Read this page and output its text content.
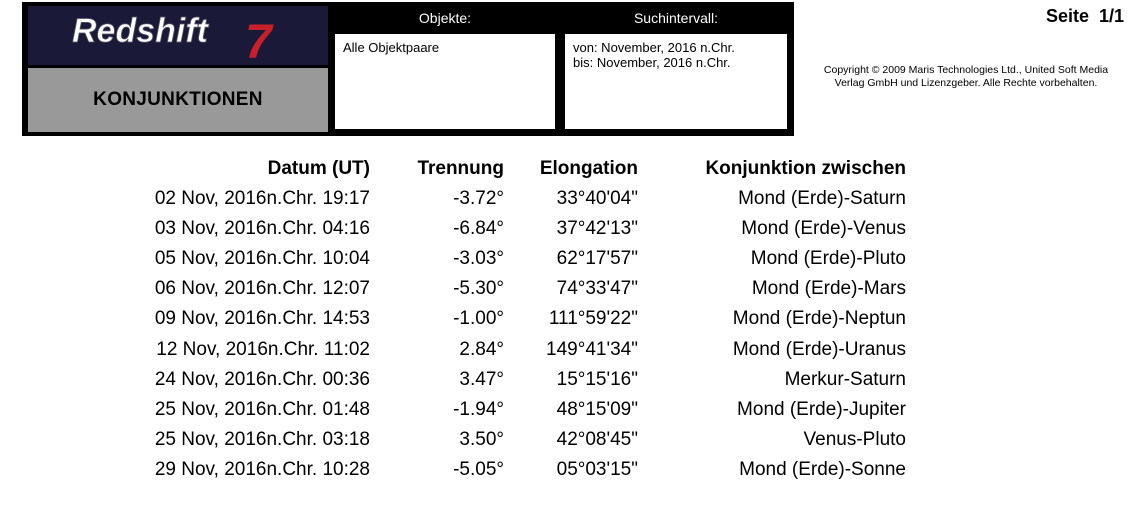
Redshift 7
KONJUNKTIONEN
Objekte:
Alle Objektpaare
Suchintervall:
von: November, 2016 n.Chr.
bis: November, 2016 n.Chr.
Seite 1/1
Copyright © 2009 Maris Technologies Ltd., United Soft Media
Verlag GmbH und Lizenzgeber. Alle Rechte vorbehalten.
Datum (UT)	Trennung	Elongation	Konjunktion zwischen
02 Nov, 2016n.Chr. 19:17	-3.72°	33°40'04"	Mond (Erde)-Saturn
03 Nov, 2016n.Chr. 04:16	-6.84°	37°42'13"	Mond (Erde)-Venus
05 Nov, 2016n.Chr. 10:04	-3.03°	62°17'57"	Mond (Erde)-Pluto
06 Nov, 2016n.Chr. 12:07	-5.30°	74°33'47"	Mond (Erde)-Mars
09 Nov, 2016n.Chr. 14:53	-1.00°	111°59'22"	Mond (Erde)-Neptun
12 Nov, 2016n.Chr. 11:02	2.84°	149°41'34"	Mond (Erde)-Uranus
24 Nov, 2016n.Chr. 00:36	3.47°	15°15'16"	Merkur-Saturn
25 Nov, 2016n.Chr. 01:48	-1.94°	48°15'09"	Mond (Erde)-Jupiter
25 Nov, 2016n.Chr. 03:18	3.50°	42°08'45"	Venus-Pluto
29 Nov, 2016n.Chr. 10:28	-5.05°	05°03'15"	Mond (Erde)-Sonne
